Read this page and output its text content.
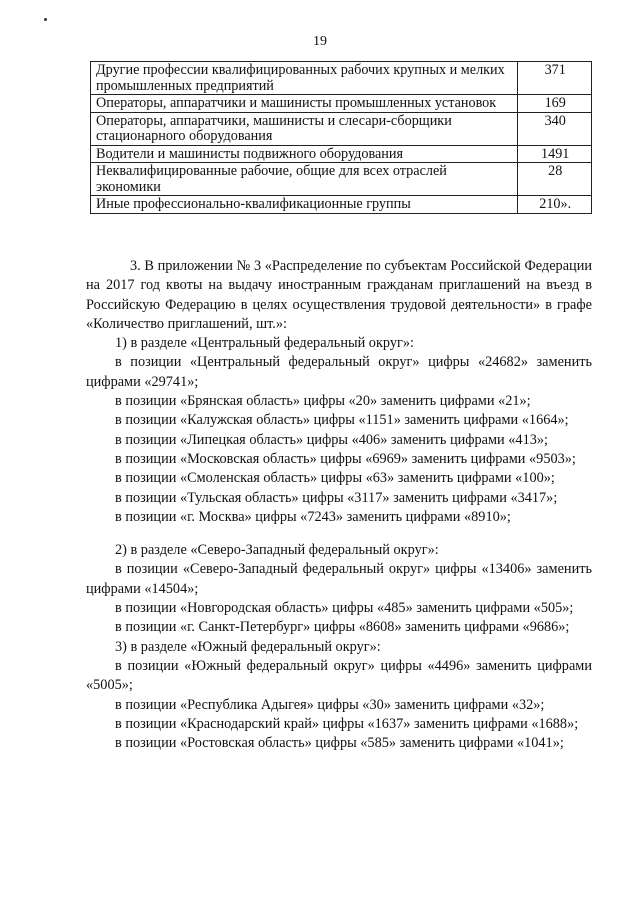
19
Другие профессии квалифицированных рабочих крупных и мелких промышленных предприятий	371
Операторы, аппаратчики и машинисты промышленных установок	169
Операторы, аппаратчики, машинисты и слесари-сборщики стационарного оборудования	340
Водители и машинисты подвижного оборудования	1491
Неквалифицированные рабочие, общие для всех отраслей экономики	28
Иные профессионально-квалификационные группы	210».

3. В приложении № 3 «Распределение по субъектам Российской Федерации на 2017 год квоты на выдачу иностранным гражданам приглашений на въезд в Российскую Федерацию в целях осуществления трудовой деятельности» в графе «Количество приглашений, шт.»:

1) в разделе «Центральный федеральный округ»:

в позиции «Центральный федеральный округ» цифры «24682» заменить цифрами «29741»;

в позиции «Брянская область» цифры «20» заменить цифрами «21»;

в позиции «Калужская область» цифры «1151» заменить цифрами «1664»;

в позиции «Липецкая область» цифры «406» заменить цифрами «413»;

в позиции «Московская область» цифры «6969» заменить цифрами «9503»;

в позиции «Смоленская область» цифры «63» заменить цифрами «100»;

в позиции «Тульская область» цифры «3117» заменить цифрами «3417»;

в позиции «г. Москва» цифры «7243» заменить цифрами «8910»;

2) в разделе «Северо-Западный федеральный округ»:

в позиции «Северо-Западный федеральный округ» цифры «13406» заменить цифрами «14504»;

в позиции «Новгородская область» цифры «485» заменить цифрами «505»;

в позиции «г. Санкт-Петербург» цифры «8608» заменить цифрами «9686»;

3) в разделе «Южный федеральный округ»:

в позиции «Южный федеральный округ» цифры «4496» заменить цифрами «5005»;

в позиции «Республика Адыгея» цифры «30» заменить цифрами «32»;

в позиции «Краснодарский край» цифры «1637» заменить цифрами «1688»;

в позиции «Ростовская область» цифры «585» заменить цифрами «1041»;
